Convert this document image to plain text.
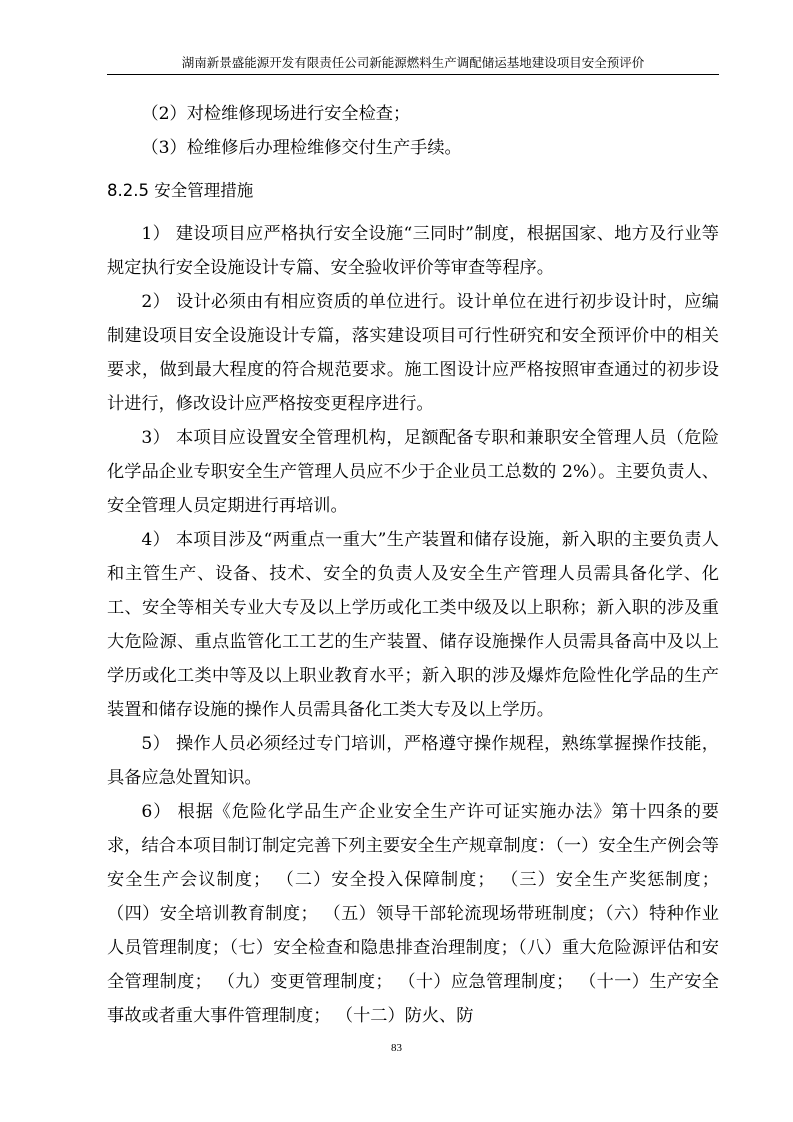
湖南新景盛能源开发有限责任公司新能源燃料生产调配储运基地建设项目安全预评价

（2）对检维修现场进行安全检查；

（3）检维修后办理检维修交付生产手续。

8.2.5 安全管理措施

1） 建设项目应严格执行安全设施“三同时”制度，根据国家、地方及行业等规定执行安全设施设计专篇、安全验收评价等审查等程序。

2） 设计必须由有相应资质的单位进行。设计单位在进行初步设计时，应编制建设项目安全设施设计专篇，落实建设项目可行性研究和安全预评价中的相关要求，做到最大程度的符合规范要求。施工图设计应严格按照审查通过的初步设计进行，修改设计应严格按变更程序进行。

3） 本项目应设置安全管理机构，足额配备专职和兼职安全管理人员（危险化学品企业专职安全生产管理人员应不少于企业员工总数的 2%）。主要负责人、安全管理人员定期进行再培训。

4） 本项目涉及“两重点一重大”生产装置和储存设施，新入职的主要负责人和主管生产、设备、技术、安全的负责人及安全生产管理人员需具备化学、化工、安全等相关专业大专及以上学历或化工类中级及以上职称；新入职的涉及重大危险源、重点监管化工工艺的生产装置、储存设施操作人员需具备高中及以上学历或化工类中等及以上职业教育水平；新入职的涉及爆炸危险性化学品的生产装置和储存设施的操作人员需具备化工类大专及以上学历。

5） 操作人员必须经过专门培训，严格遵守操作规程，熟练掌握操作技能，具备应急处置知识。

6） 根据《危险化学品生产企业安全生产许可证实施办法》第十四条的要求，结合本项目制订制定完善下列主要安全生产规章制度：（一）安全生产例会等安全生产会议制度； （二）安全投入保障制度； （三）安全生产奖惩制度； （四）安全培训教育制度； （五）领导干部轮流现场带班制度；（六）特种作业人员管理制度；（七）安全检查和隐患排查治理制度；（八）重大危险源评估和安全管理制度； （九）变更管理制度； （十）应急管理制度； （十一）生产安全事故或者重大事件管理制度； （十二）防火、防

83
